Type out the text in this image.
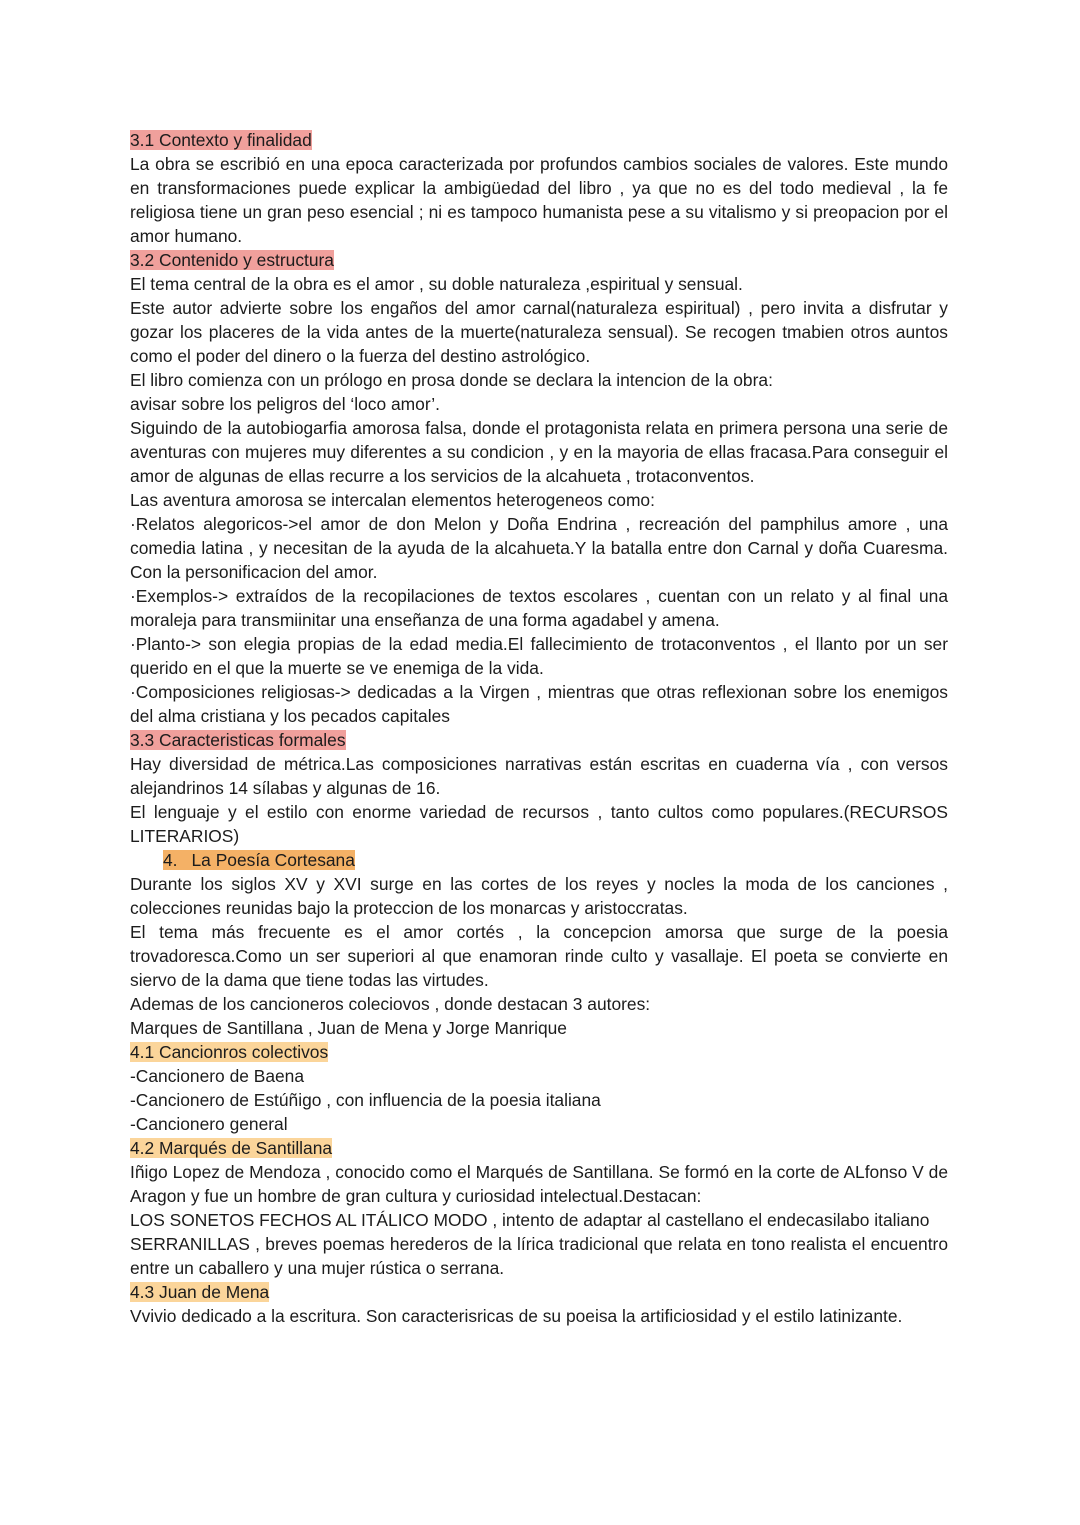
3.1 Contexto y finalidad

La obra se escribió en una epoca caracterizada por profundos cambios sociales de valores. Este mundo en transformaciones puede explicar la ambigüedad del libro , ya que no es del todo medieval , la fe religiosa tiene un gran peso esencial ; ni es tampoco humanista pese a su vitalismo y si preopacion por el amor humano.

3.2 Contenido y estructura

El tema central de la obra es el amor , su doble naturaleza ,espiritual y sensual.

Este autor advierte sobre los engaños del amor carnal(naturaleza espiritual) , pero invita a disfrutar y gozar los placeres de la vida antes de la muerte(naturaleza sensual). Se recogen tmabien otros auntos como el poder del dinero o la fuerza del destino astrológico.

El libro comienza con un prólogo en prosa donde se declara la intencion de la obra:

avisar sobre los peligros del ‘loco amor’.

Siguindo de la autobiogarfia amorosa falsa, donde el protagonista relata en primera persona una serie de aventuras con mujeres muy diferentes a su condicion , y en la mayoria de ellas fracasa.Para conseguir el amor de algunas de ellas recurre a los servicios de la alcahueta , trotaconventos.

Las aventura amorosa se intercalan elementos heterogeneos como:

·Relatos alegoricos->el amor de don Melon y Doña Endrina , recreación del pamphilus amore , una comedia latina , y necesitan de la ayuda de la alcahueta.Y la batalla entre don Carnal y doña Cuaresma. Con la personificacion del amor.

·Exemplos-> extraídos de la recopilaciones de textos escolares , cuentan con un relato y al final una moraleja para transmiinitar una enseñanza de una forma agadabel y amena.

·Planto-> son elegia propias de la edad media.El fallecimiento de trotaconventos , el llanto por un ser querido en el que la muerte se ve enemiga de la vida.

·Composiciones religiosas-> dedicadas a la Virgen , mientras que otras reflexionan sobre los enemigos del alma cristiana y los pecados capitales

3.3 Caracteristicas formales

Hay diversidad de métrica.Las composiciones narrativas están escritas en cuaderna vía , con versos alejandrinos 14 sílabas y algunas de 16.

El lenguaje y el estilo con enorme variedad de recursos , tanto cultos como populares.(RECURSOS LITERARIOS)

4. La Poesía Cortesana

Durante los siglos XV y XVI surge en las cortes de los reyes y nocles la moda de los canciones , colecciones reunidas bajo la proteccion de los monarcas y aristoccratas.

El tema más frecuente es el amor cortés , la concepcion amorsa que surge de la poesia trovadoresca.Como un ser superiori al que enamoran rinde culto y vasallaje. El poeta se convierte en siervo de la dama que tiene todas las virtudes.

Ademas de los cancioneros coleciovos , donde destacan 3 autores:

Marques de Santillana , Juan de Mena y Jorge Manrique

4.1 Cancionros colectivos

-Cancionero de Baena

-Cancionero de Estúñigo , con influencia de la poesia italiana

-Cancionero general

4.2 Marqués de Santillana

Iñigo Lopez de Mendoza , conocido como el Marqués de Santillana. Se formó en la corte de ALfonso V de Aragon y fue un hombre de gran cultura y curiosidad intelectual.Destacan:

LOS SONETOS FECHOS AL ITÁLICO MODO , intento de adaptar al castellano el endecasilabo italiano

SERRANILLAS , breves poemas herederos de la lírica tradicional que relata en tono realista el encuentro entre un caballero y una mujer rústica o serrana.

4.3 Juan de Mena

Vvivio dedicado a la escritura. Son caracterisricas de su poeisa la artificiosidad y el estilo latinizante.
